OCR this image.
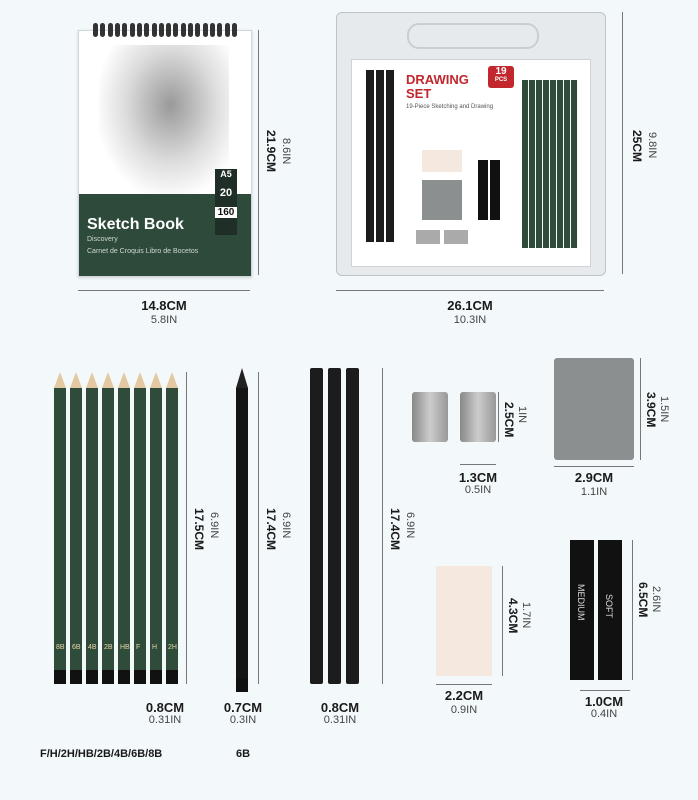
Sketch Book
Discovery
Carnet de Croquis Libro de Bocetos
A5
20
160
14.8CM
5.8IN
21.9CM 8.6IN
DRAWING
SET
19
PCS
19-Piece Sketching and Drawing
26.1CM
10.3IN
25CM 9.8IN
8B 6B 4B 2B HB F H 2H
17.5CM 6.9IN
0.8CM
0.31IN
F/H/2H/HB/2B/4B/6B/8B
17.4CM 6.9IN
0.7CM
0.3IN
6B
17.4CM 6.9IN
0.8CM
0.31IN
2.5CM 1IN
1.3CM
0.5IN
3.9CM 1.5IN
2.9CM
1.1IN
4.3CM 1.7IN
2.2CM
0.9IN
MEDIUM SOFT 6.5CM 2.6IN
1.0CM
0.4IN
